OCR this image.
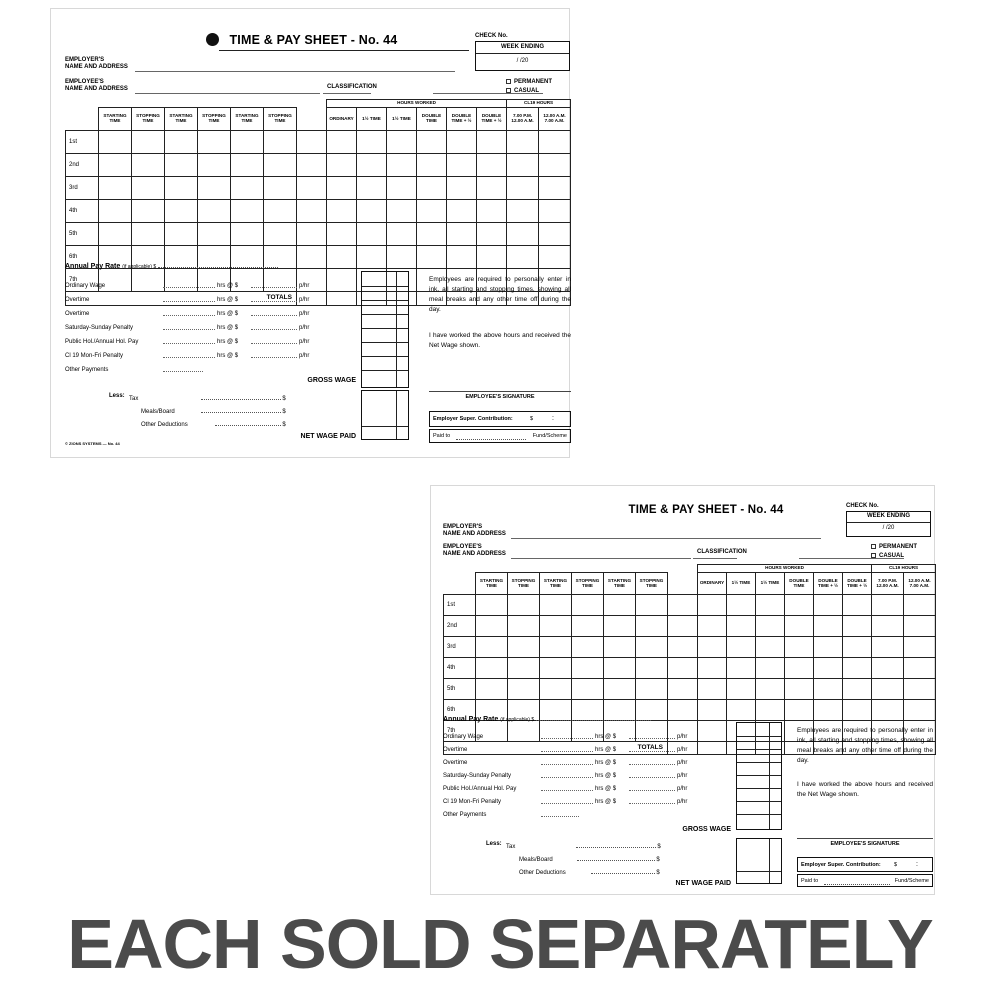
TIME & PAY SHEET - No. 44	CHECK No.
WEEK ENDING
/ /20
EMPLOYER'S
NAME AND ADDRESS
EMPLOYEE'S
NAME AND ADDRESS	CLASSIFICATION
PERMANENT
CASUAL
								HOURS WORKED						CL19 HOURS	
	STARTING TIME	STOPPING TIME	STARTING TIME	STOPPING TIME	STARTING TIME	STOPPING TIME		ORDINARY	1½ TIME	1½ TIME	DOUBLE TIME	DOUBLE TIME + ½	DOUBLE TIME + ½	7.00 P.M. 12.00 A.M.	12.00 A.M. 7.00 A.M.
1st															
2nd															
3rd															
4th															
5th															
6th															
7th															
TOTALS															
Annual Pay Rate (if applicable) $
Ordinary Wage	hrs @ $	p/hr
Overtime	hrs @ $	p/hr
Overtime	hrs @ $	p/hr
Saturday-Sunday Penalty	hrs @ $	p/hr
Public Hol./Annual Hol. Pay	hrs @ $	p/hr
Cl 19 Mon-Fri Penalty	hrs @ $	p/hr
Other Payments
GROSS WAGE
Less: Tax	$
Meals/Board	$
Other Deductions	$
NET WAGE PAID
Employees are required to personally enter in ink, all starting and stopping times, showing all meal breaks and any other time off during the day.
I have worked the above hours and received the Net Wage shown.
EMPLOYEE'S SIGNATURE
Employer Super. Contribution:	$	:
Paid to	Fund/Scheme
© ZIONS SYSTEMS — No. 44
TIME & PAY SHEET - No. 44	CHECK No.
WEEK ENDING
/ /20
EMPLOYER'S
NAME AND ADDRESS
EMPLOYEE'S
NAME AND ADDRESS	CLASSIFICATION
PERMANENT
CASUAL
								HOURS WORKED						CL19 HOURS	
	STARTING TIME	STOPPING TIME	STARTING TIME	STOPPING TIME	STARTING TIME	STOPPING TIME		ORDINARY	1½ TIME	1½ TIME	DOUBLE TIME	DOUBLE TIME + ½	DOUBLE TIME + ½	7.00 P.M. 12.00 A.M.	12.00 A.M. 7.00 A.M.
1st															
2nd															
3rd															
4th															
5th															
6th															
7th															
TOTALS															
Annual Pay Rate (if applicable) $
Ordinary Wage	hrs @ $	p/hr
Overtime	hrs @ $	p/hr
Overtime	hrs @ $	p/hr
Saturday-Sunday Penalty	hrs @ $	p/hr
Public Hol./Annual Hol. Pay	hrs @ $	p/hr
Cl 19 Mon-Fri Penalty	hrs @ $	p/hr
Other Payments
GROSS WAGE
Less: Tax	$
Meals/Board	$
Other Deductions	$
NET WAGE PAID
Employees are required to personally enter in ink, all starting and stopping times, showing all meal breaks and any other time off during the day.
I have worked the above hours and received the Net Wage shown.
EMPLOYEE'S SIGNATURE
Employer Super. Contribution: $	:
Paid to	Fund/Scheme
EACH SOLD SEPARATELY
